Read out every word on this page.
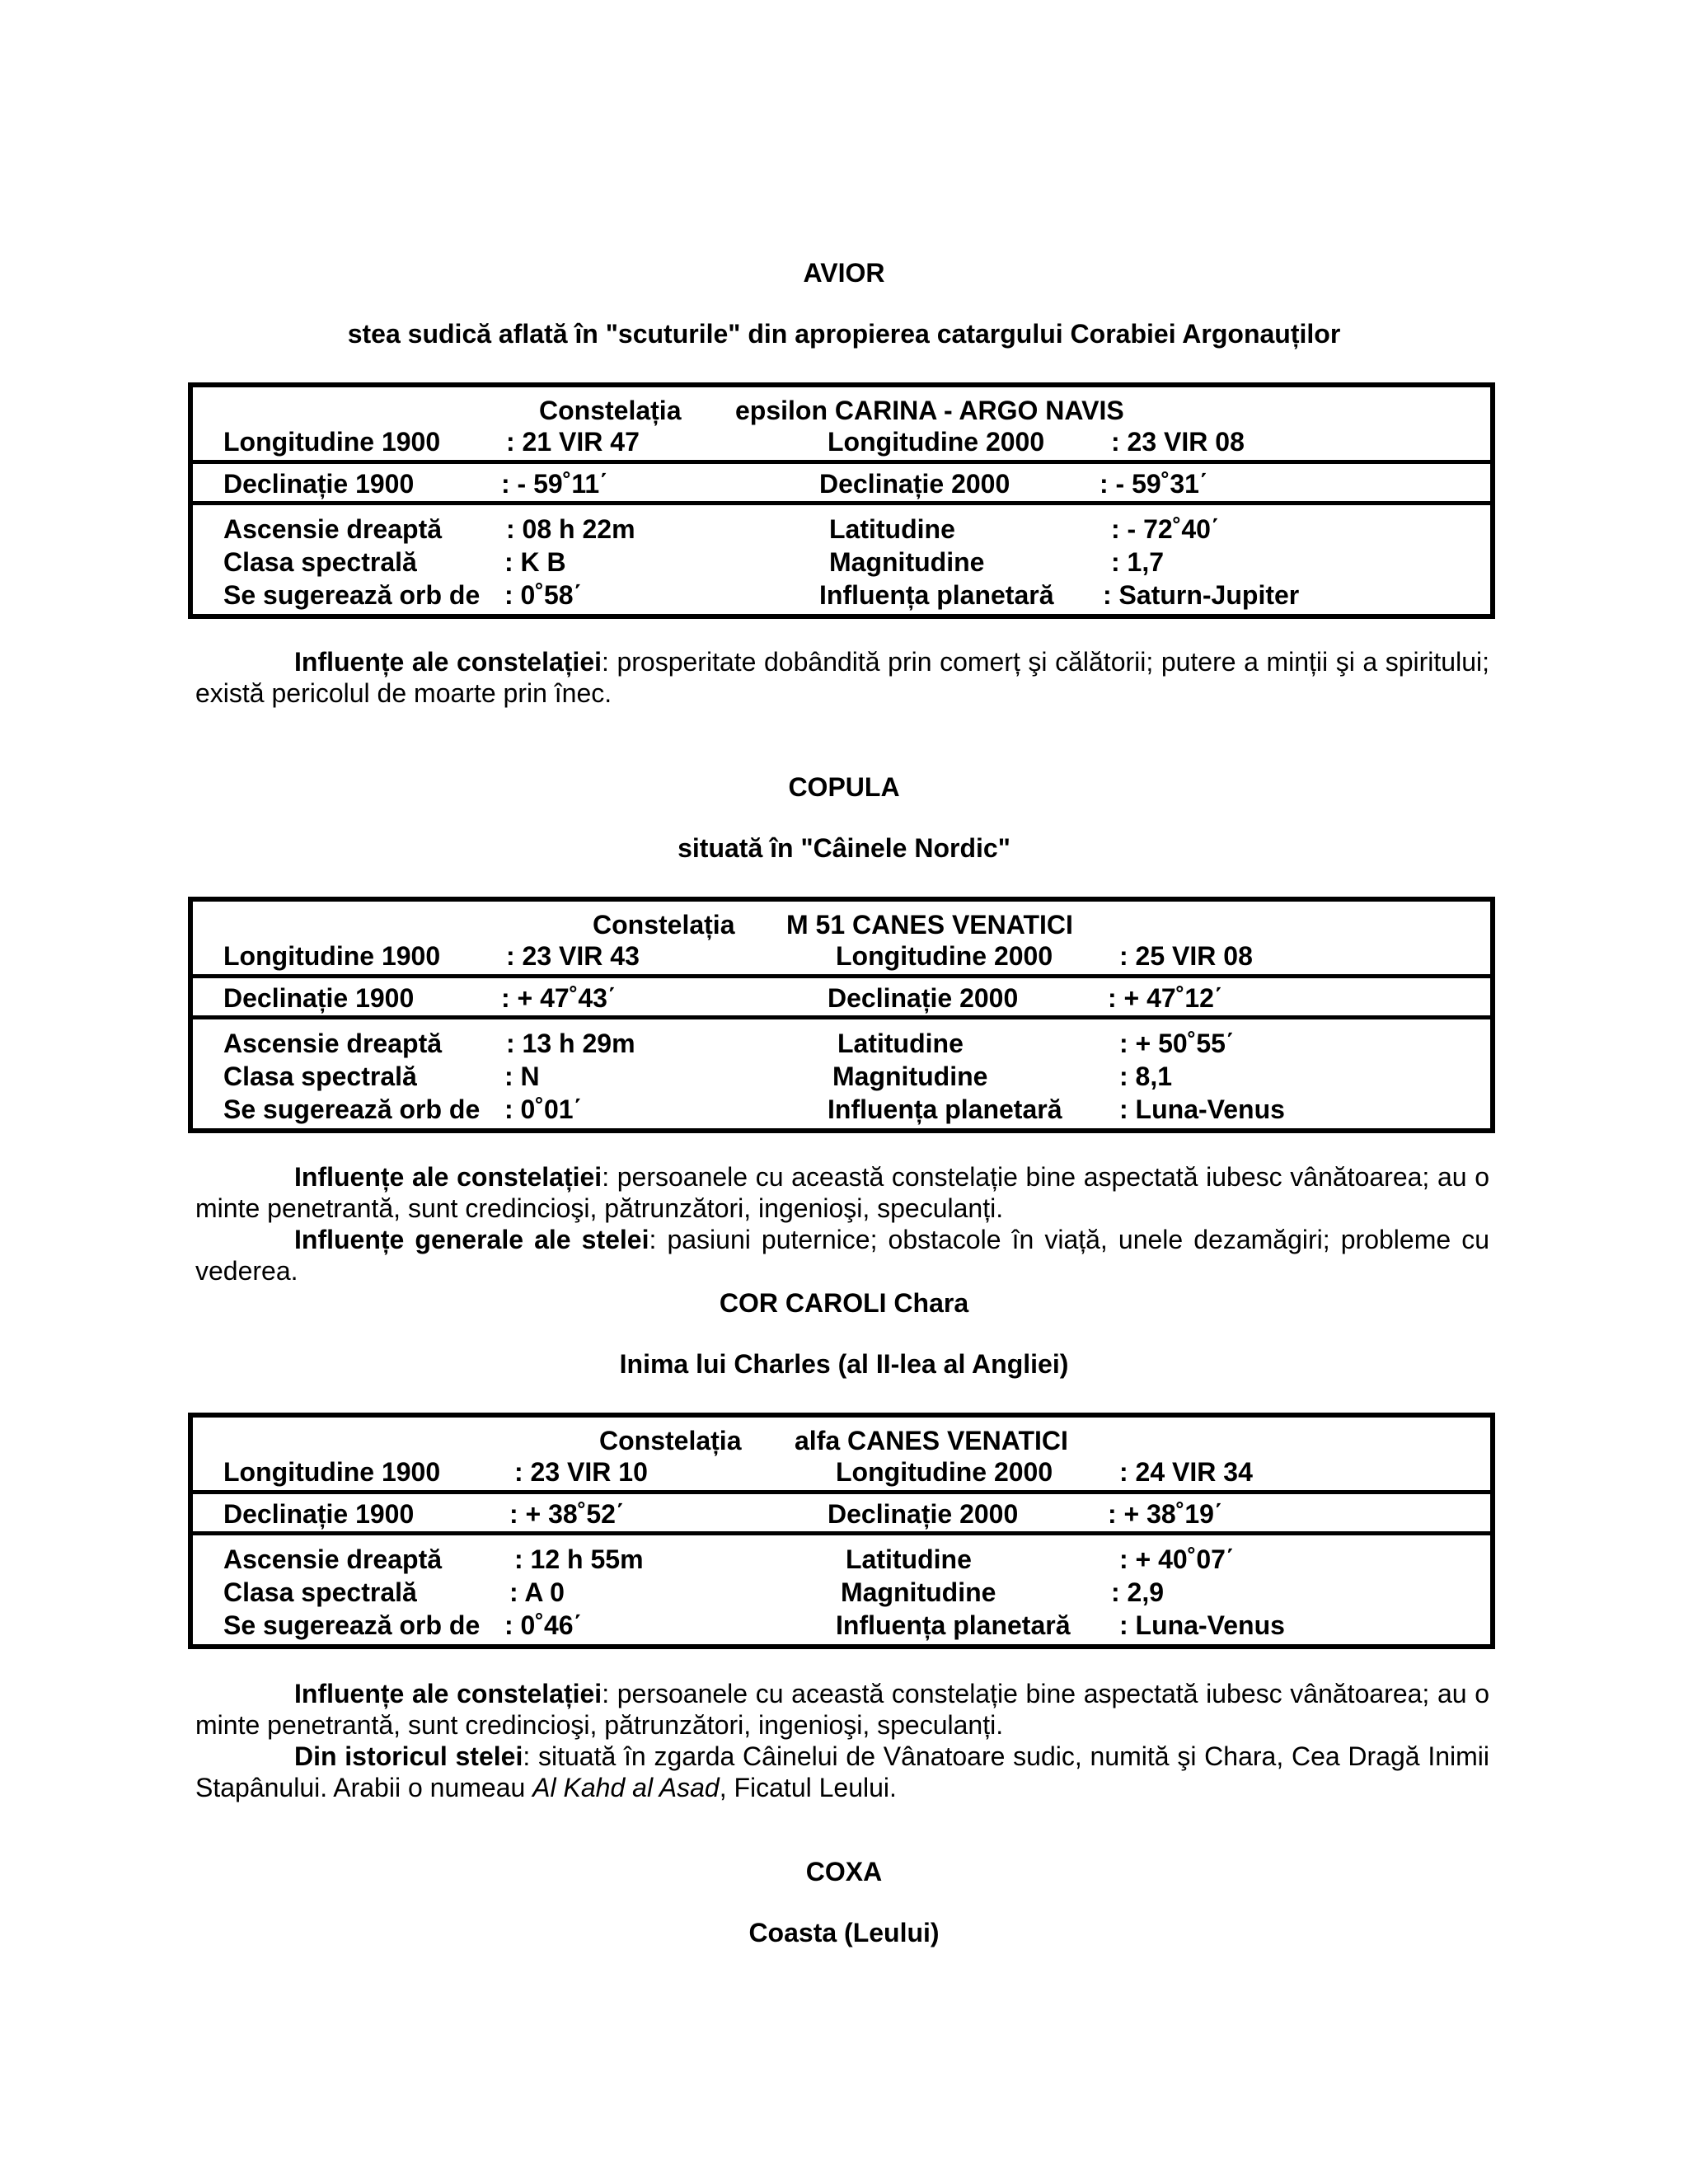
AVIOR
stea sudică aflată în "scuturile" din apropierea catargului Corabiei Argonauților
Constelația epsilon CARINA - ARGO NAVIS
Longitudine 1900 : 21 VIR 47	Longitudine 2000	: 23 VIR 08
Declinație 1900	: - 59˚11΄	Declinație 2000	: - 59˚31΄
Ascensie dreaptă : 08 h 22m	Latitudine	: - 72˚40΄
Clasa spectrală	: K B	Magnitudine	: 1,7
Se sugerează orb de : 0˚58΄	Influența planetară : Saturn-Jupiter

Influențe ale constelației: prosperitate dobândită prin comerț şi călătorii; putere a minții şi a spiritului; există pericolul de moarte prin înec.

COPULA
situată în "Câinele Nordic"
Constelația M 51 CANES VENATICI
Longitudine 1900 : 23 VIR 43	Longitudine 2000	: 25 VIR 08
Declinație 1900	: + 47˚43΄	Declinație 2000	: + 47˚12΄
Ascensie dreaptă : 13 h 29m	Latitudine	: + 50˚55΄
Clasa spectrală	: N	Magnitudine	: 8,1
Se sugerează orb de : 0˚01΄	Influența planetară : Luna-Venus

Influențe ale constelației: persoanele cu această constelație bine aspectată iubesc vânătoarea; au o minte penetrantă, sunt credincioşi, pătrunzători, ingenioşi, speculanți.

Influențe generale ale stelei: pasiuni puternice; obstacole în viață, unele dezamăgiri; probleme cu vederea.

COR CAROLI Chara
Inima lui Charles (al II-lea al Angliei)
Constelația alfa CANES VENATICI
Longitudine 1900	: 23 VIR 10	Longitudine 2000	: 24 VIR 34
Declinație 1900	: + 38˚52΄	Declinație 2000	: + 38˚19΄
Ascensie dreaptă	: 12 h 55m	Latitudine	: + 40˚07΄
Clasa spectrală	: A 0	Magnitudine	: 2,9
Se sugerează orb de : 0˚46΄	Influența planetară : Luna-Venus

Influențe ale constelației: persoanele cu această constelație bine aspectată iubesc vânătoarea; au o minte penetrantă, sunt credincioşi, pătrunzători, ingenioşi, speculanți.

Din istoricul stelei: situată în zgarda Câinelui de Vânatoare sudic, numită şi Chara, Cea Dragă Inimii Stapânului. Arabii o numeau Al Kahd al Asad, Ficatul Leului.

COXA
Coasta (Leului)
